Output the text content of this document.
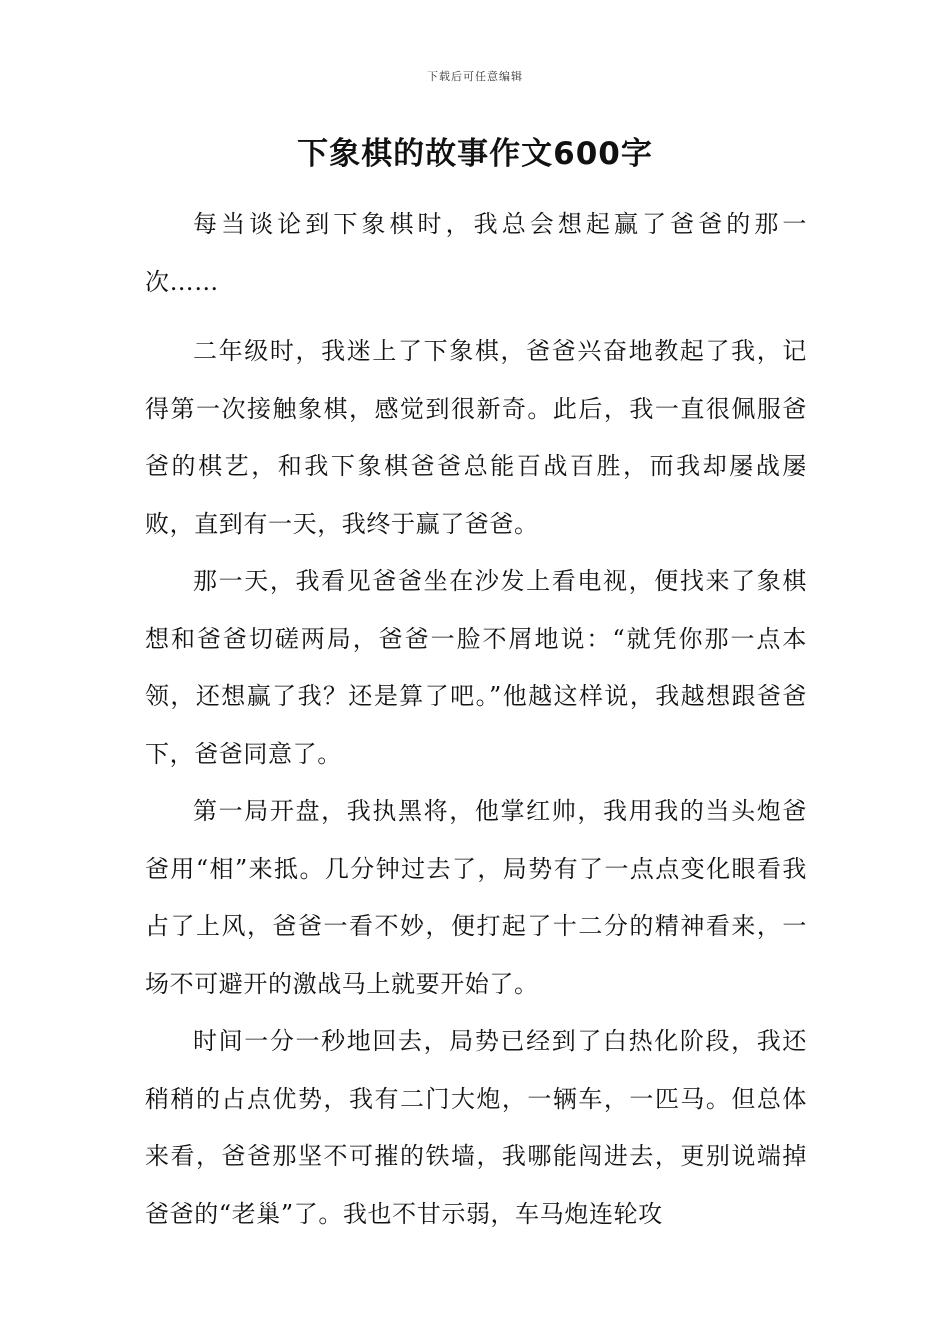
下载后可任意编辑
下象棋的故事作文600字

每当谈论到下象棋时，我总会想起赢了爸爸的那一次……

二年级时，我迷上了下象棋，爸爸兴奋地教起了我，记得第一次接触象棋，感觉到很新奇。此后，我一直很佩服爸爸的棋艺，和我下象棋爸爸总能百战百胜，而我却屡战屡败，直到有一天，我终于赢了爸爸。

那一天，我看见爸爸坐在沙发上看电视，便找来了象棋想和爸爸切磋两局，爸爸一脸不屑地说：“就凭你那一点本领，还想赢了我？还是算了吧。”他越这样说，我越想跟爸爸下，爸爸同意了。

第一局开盘，我执黑将，他掌红帅，我用我的当头炮爸爸用“相”来抵。几分钟过去了，局势有了一点点变化眼看我占了上风，爸爸一看不妙，便打起了十二分的精神看来，一场不可避开的激战马上就要开始了。

时间一分一秒地回去，局势已经到了白热化阶段，我还稍稍的占点优势，我有二门大炮，一辆车，一匹马。但总体来看，爸爸那坚不可摧的铁墙，我哪能闯进去，更别说端掉爸爸的“老巢”了。我也不甘示弱，车马炮连轮攻
